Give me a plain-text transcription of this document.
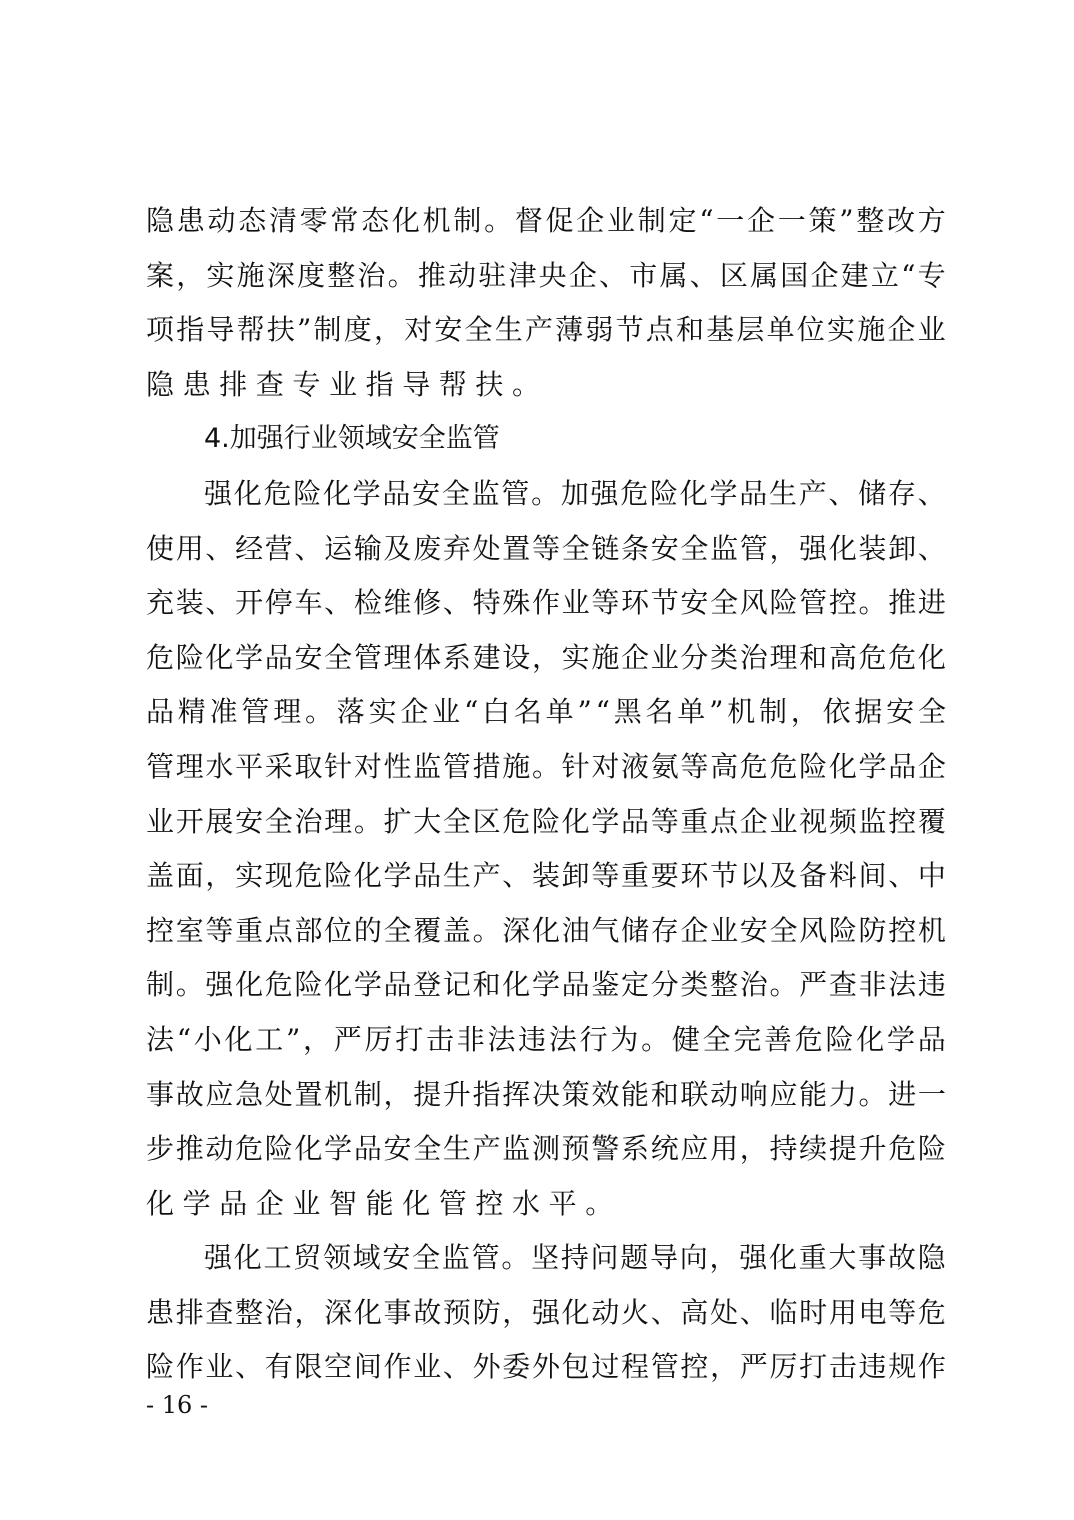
隐 患 动 态 清 零 常 态 化 机 制 。 督 促 企 业 制 定 “ 一 企 一 策 ” 整 改 方
案 ， 实 施 深 度 整 治 。 推 动 驻 津 央 企 、 市 属 、 区 属 国 企 建 立 “ 专
项 指 导 帮 扶 ” 制 度 ， 对 安 全 生 产 薄 弱 节 点 和 基 层 单 位 实 施 企 业
隐患排查专业指导帮扶。
4.加强行业领域安全监管
强 化 危 险 化 学 品 安 全 监 管 。 加 强 危 险 化 学 品 生 产 、 储 存 、
使 用 、 经 营 、 运 输 及 废 弃 处 置 等 全 链 条 安 全 监 管 ， 强 化 装 卸 、
充 装 、 开 停 车 、 检 维 修 、 特 殊 作 业 等 环 节 安 全 风 险 管 控 。 推 进
危 险 化 学 品 安 全 管 理 体 系 建 设 ， 实 施 企 业 分 类 治 理 和 高 危 危 化
品 精 准 管 理 。 落 实 企 业 “ 白 名 单 ” “ 黑 名 单 ” 机 制 ， 依 据 安 全
管 理 水 平 采 取 针 对 性 监 管 措 施 。 针 对 液 氨 等 高 危 危 险 化 学 品 企
业 开 展 安 全 治 理 。 扩 大 全 区 危 险 化 学 品 等 重 点 企 业 视 频 监 控 覆
盖 面 ， 实 现 危 险 化 学 品 生 产 、 装 卸 等 重 要 环 节 以 及 备 料 间 、 中
控 室 等 重 点 部 位 的 全 覆 盖 。 深 化 油 气 储 存 企 业 安 全 风 险 防 控 机
制 。 强 化 危 险 化 学 品 登 记 和 化 学 品 鉴 定 分 类 整 治 。 严 查 非 法 违
法 “ 小 化 工 ” ， 严 厉 打 击 非 法 违 法 行 为 。 健 全 完 善 危 险 化 学 品
事 故 应 急 处 置 机 制 ， 提 升 指 挥 决 策 效 能 和 联 动 响 应 能 力 。 进 一
步 推 动 危 险 化 学 品 安 全 生 产 监 测 预 警 系 统 应 用 ， 持 续 提 升 危 险
化学品企业智能化管控水平。
强 化 工 贸 领 域 安 全 监 管 。 坚 持 问 题 导 向 ， 强 化 重 大 事 故 隐
患 排 查 整 治 ， 深 化 事 故 预 防 ， 强 化 动 火 、 高 处 、 临 时 用 电 等 危
险 作 业 、 有 限 空 间 作 业 、 外 委 外 包 过 程 管 控 ， 严 厉 打 击 违 规 作
- 16 -
